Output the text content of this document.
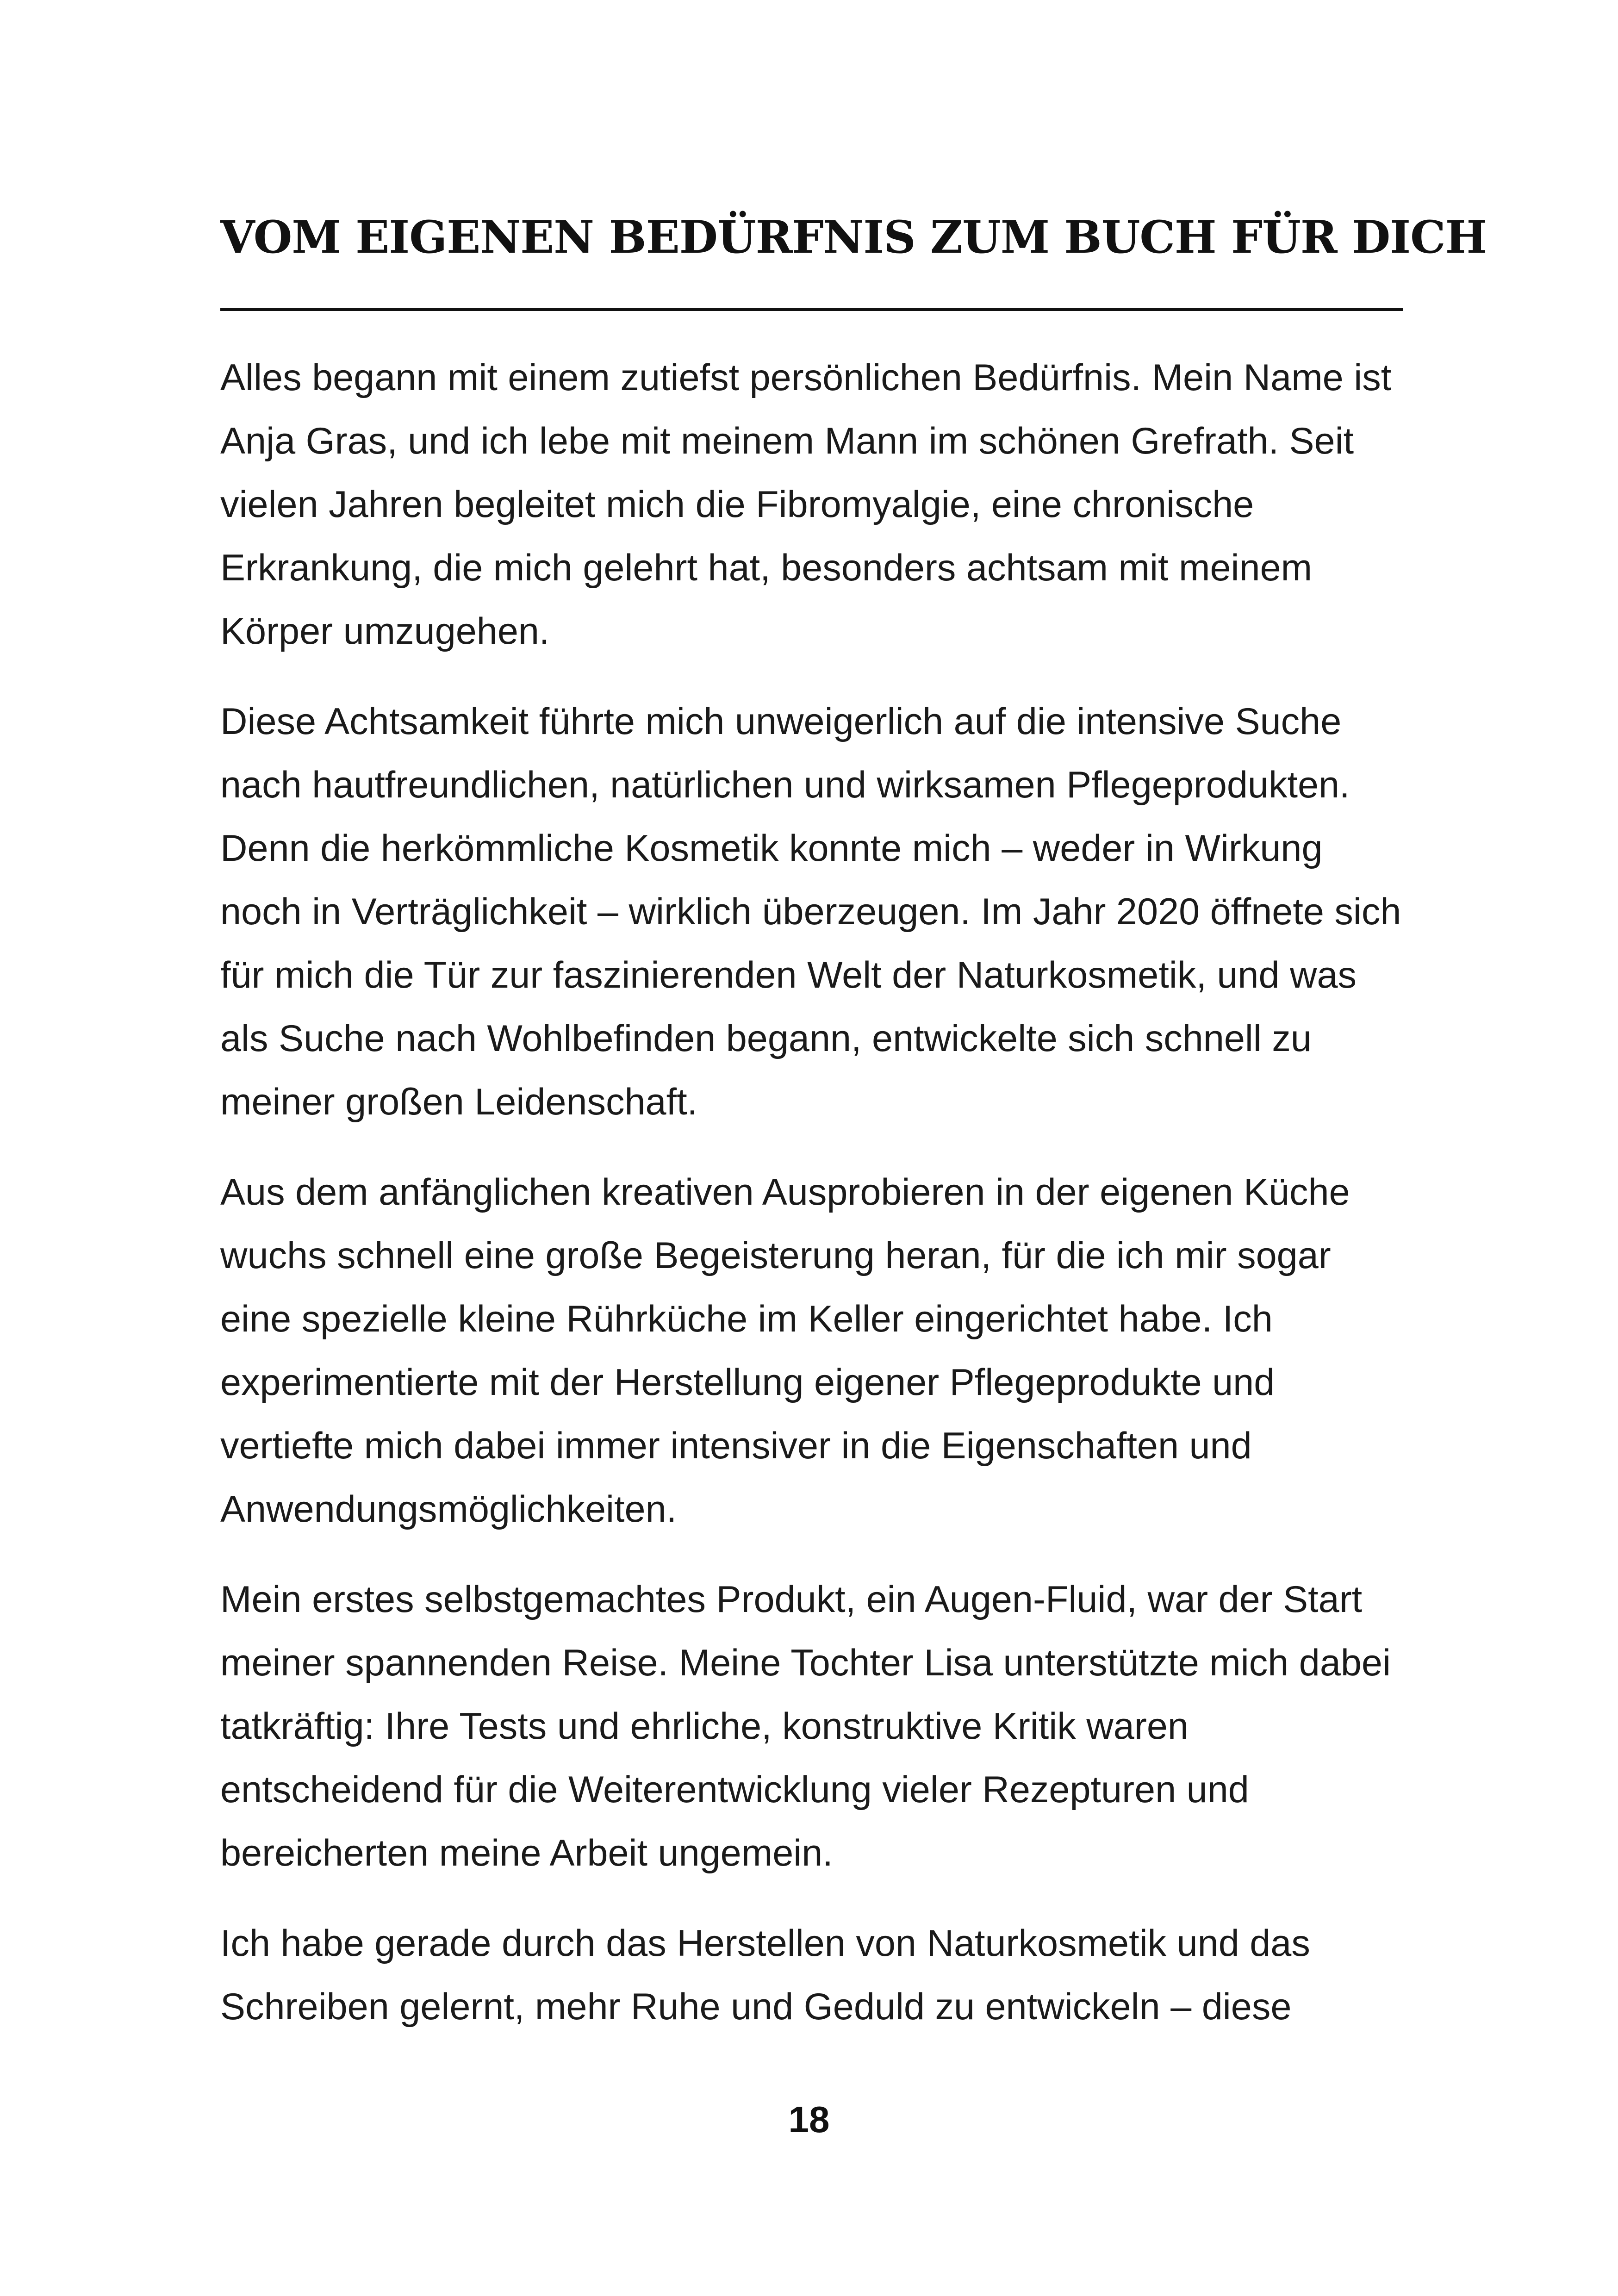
VOM EIGENEN BEDÜRFNIS ZUM BUCH FÜR DICH

Alles begann mit einem zutiefst persönlichen Bedürfnis. Mein Name ist Anja Gras, und ich lebe mit meinem Mann im schönen Grefrath. Seit vielen Jahren begleitet mich die Fibromyalgie, eine chronische Erkrankung, die mich gelehrt hat, besonders achtsam mit meinem Körper umzugehen.

Diese Achtsamkeit führte mich unweigerlich auf die intensive Suche nach hautfreundlichen, natürlichen und wirksamen Pflegeprodukten. Denn die herkömmliche Kosmetik konnte mich – weder in Wirkung noch in Verträglichkeit – wirklich überzeugen. Im Jahr 2020 öffnete sich für mich die Tür zur faszinierenden Welt der Naturkosmetik, und was als Suche nach Wohlbefinden begann, entwickelte sich schnell zu meiner großen Leidenschaft.

Aus dem anfänglichen kreativen Ausprobieren in der eigenen Küche wuchs schnell eine große Begeisterung heran, für die ich mir sogar eine spezielle kleine Rührküche im Keller eingerichtet habe. Ich experimentierte mit der Herstellung eigener Pflegeprodukte und vertiefte mich dabei immer intensiver in die Eigenschaften und Anwendungsmöglichkeiten.

Mein erstes selbstgemachtes Produkt, ein Augen-Fluid, war der Start meiner spannenden Reise. Meine Tochter Lisa unterstützte mich dabei tatkräftig: Ihre Tests und ehrliche, konstruktive Kritik waren entscheidend für die Weiterentwicklung vieler Rezepturen und bereicherten meine Arbeit ungemein.

Ich habe gerade durch das Herstellen von Naturkosmetik und das Schreiben gelernt, mehr Ruhe und Geduld zu entwickeln – diese

18
